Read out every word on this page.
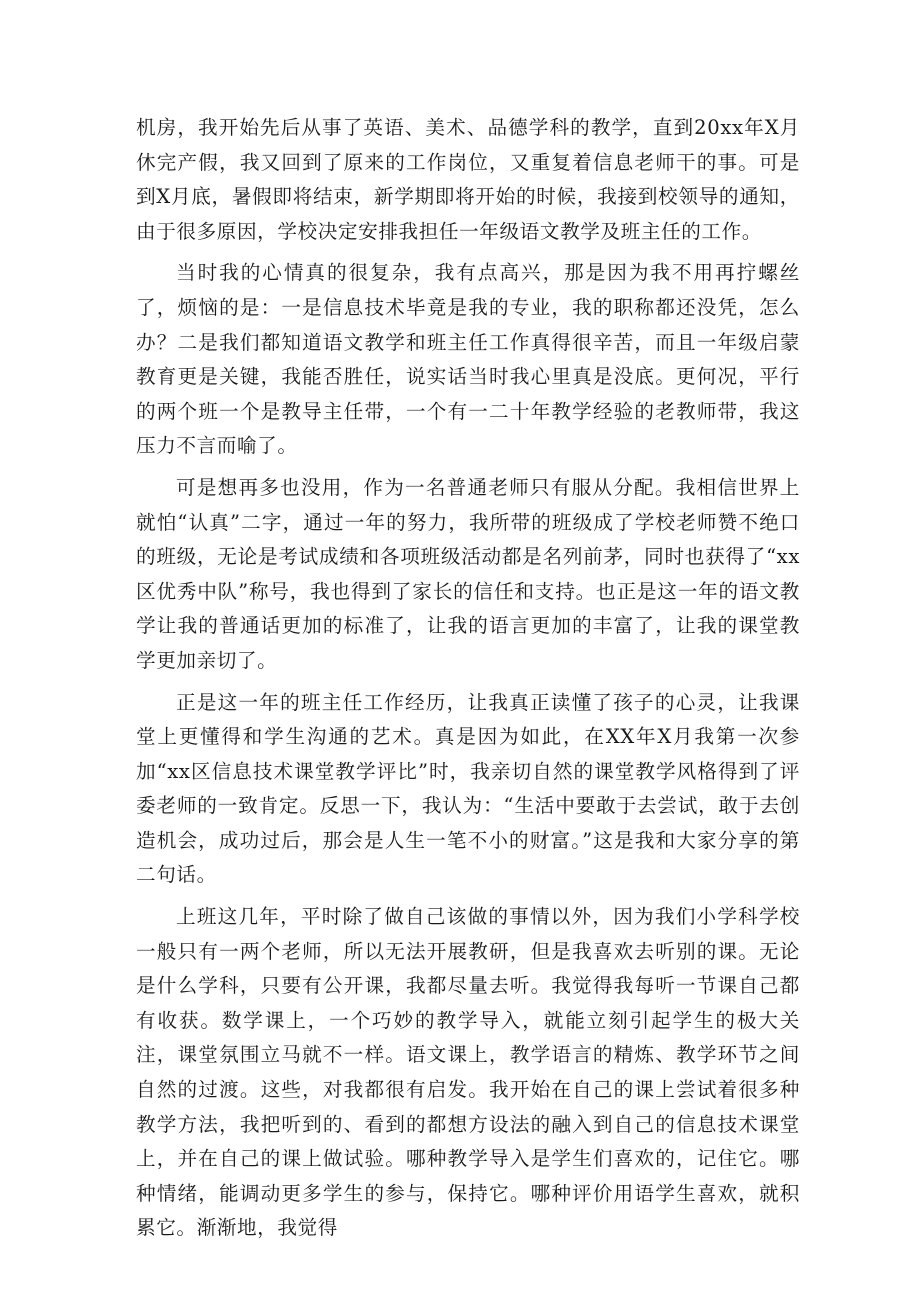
机房，我开始先后从事了英语、美术、品德学科的教学，直到20xx年X月休完产假，我又回到了原来的工作岗位，又重复着信息老师干的事。可是到X月底，暑假即将结束，新学期即将开始的时候，我接到校领导的通知，由于很多原因，学校决定安排我担任一年级语文教学及班主任的工作。

当时我的心情真的很复杂，我有点高兴，那是因为我不用再拧螺丝了，烦恼的是：一是信息技术毕竟是我的专业，我的职称都还没凭，怎么办？二是我们都知道语文教学和班主任工作真得很辛苦，而且一年级启蒙教育更是关键，我能否胜任，说实话当时我心里真是没底。更何况，平行的两个班一个是教导主任带，一个有一二十年教学经验的老教师带，我这压力不言而喻了。

可是想再多也没用，作为一名普通老师只有服从分配。我相信世界上就怕“认真”二字，通过一年的努力，我所带的班级成了学校老师赞不绝口的班级，无论是考试成绩和各项班级活动都是名列前茅，同时也获得了“xx区优秀中队”称号，我也得到了家长的信任和支持。也正是这一年的语文教学让我的普通话更加的标准了，让我的语言更加的丰富了，让我的课堂教学更加亲切了。

正是这一年的班主任工作经历，让我真正读懂了孩子的心灵，让我课堂上更懂得和学生沟通的艺术。真是因为如此，在XX年X月我第一次参加“xx区信息技术课堂教学评比”时，我亲切自然的课堂教学风格得到了评委老师的一致肯定。反思一下，我认为：“生活中要敢于去尝试，敢于去创造机会，成功过后，那会是人生一笔不小的财富。”这是我和大家分享的第二句话。

上班这几年，平时除了做自己该做的事情以外，因为我们小学科学校一般只有一两个老师，所以无法开展教研，但是我喜欢去听别的课。无论是什么学科，只要有公开课，我都尽量去听。我觉得我每听一节课自己都有收获。数学课上，一个巧妙的教学导入，就能立刻引起学生的极大关注，课堂氛围立马就不一样。语文课上，教学语言的精炼、教学环节之间自然的过渡。这些，对我都很有启发。我开始在自己的课上尝试着很多种教学方法，我把听到的、看到的都想方设法的融入到自己的信息技术课堂上，并在自己的课上做试验。哪种教学导入是学生们喜欢的，记住它。哪种情绪，能调动更多学生的参与，保持它。哪种评价用语学生喜欢，就积累它。渐渐地，我觉得
